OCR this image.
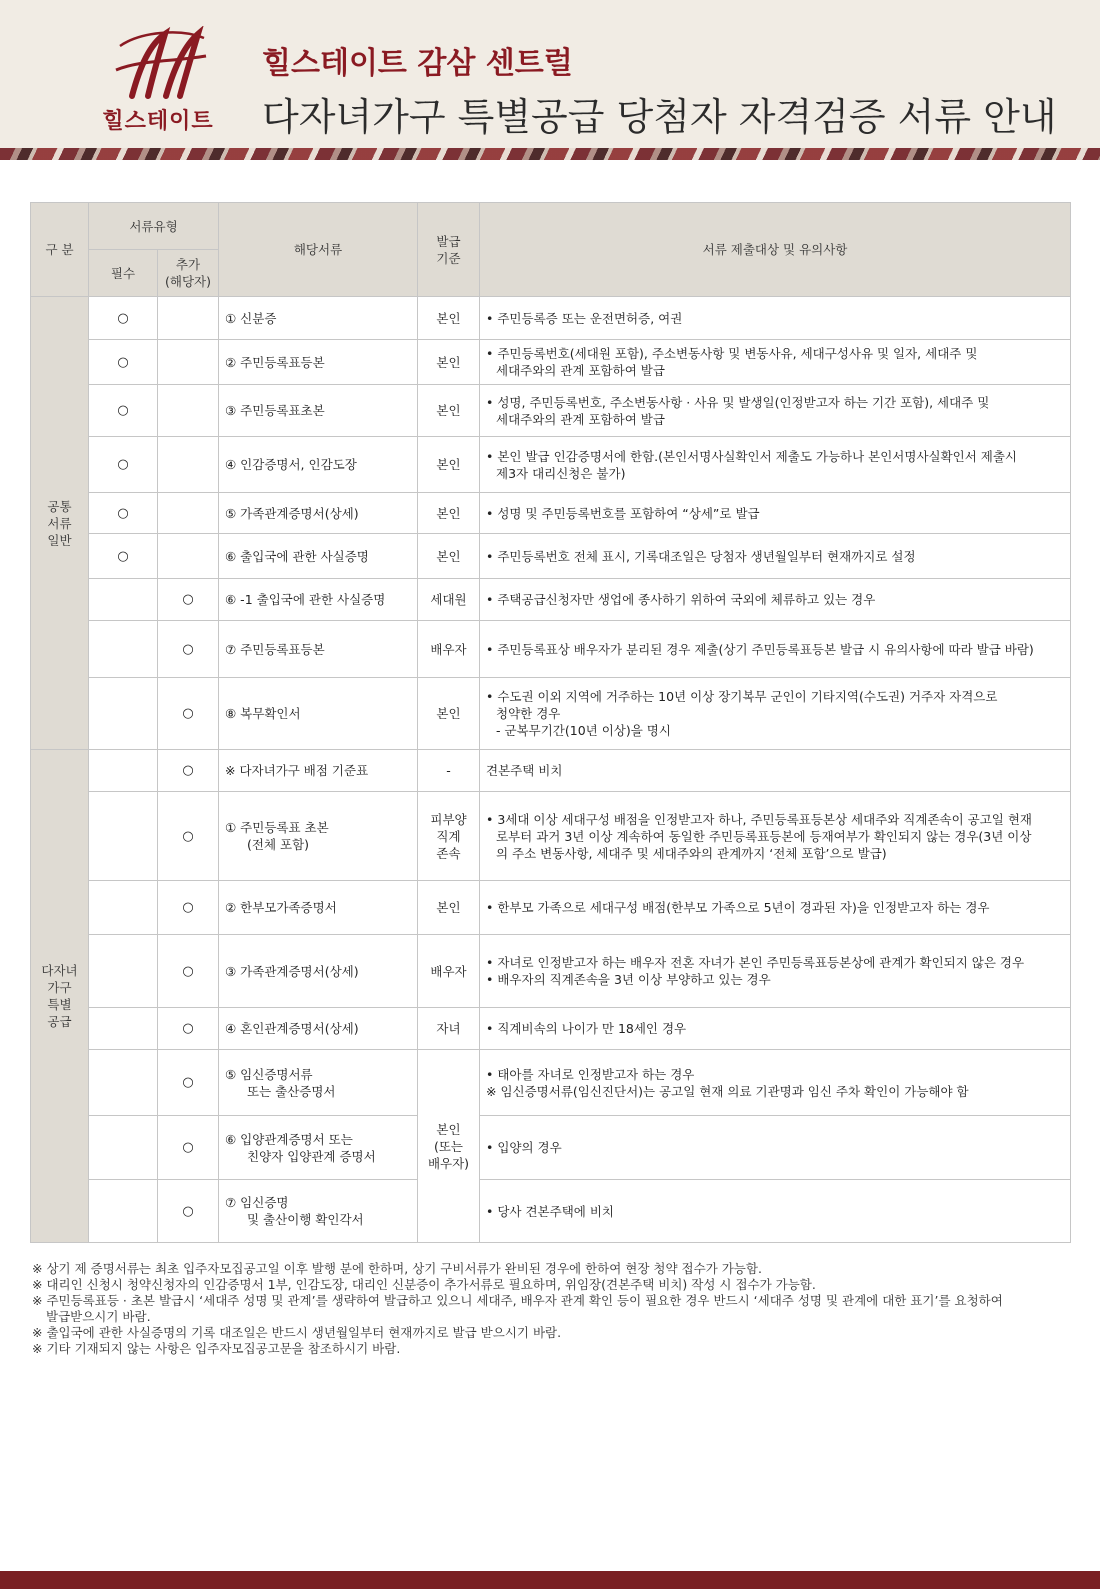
힐스테이트
힐스테이트 감삼 센트럴
다자녀가구 특별공급 당첨자 자격검증 서류 안내
구 분	서류유형		해당서류	발급
기준	서류 제출대상 및 유의사항
	필수	추가
(해당자)			

공통
서류
일반	○		① 신분증	본인	• 주민등록증 또는 운전면허증, 여권

	○		② 주민등록표등본	본인	• 주민등록번호(세대원 포함), 주소변동사항 및 변동사유, 세대구성사유 및 일자, 세대주 및
세대주와의 관계 포함하여 발급

	○		③ 주민등록표초본	본인	• 성명, 주민등록번호, 주소변동사항 · 사유 및 발생일(인정받고자 하는 기간 포함), 세대주 및
세대주와의 관계 포함하여 발급

	○		④ 인감증명서, 인감도장	본인	• 본인 발급 인감증명서에 한함.(본인서명사실확인서 제출도 가능하나 본인서명사실확인서 제출시
제3자 대리신청은 불가)

	○		⑤ 가족관계증명서(상세)	본인	• 성명 및 주민등록번호를 포함하여 “상세”로 발급

	○		⑥ 출입국에 관한 사실증명	본인	• 주민등록번호 전체 표시, 기록대조일은 당첨자 생년월일부터 현재까지로 설정

		○	⑥ -1 출입국에 관한 사실증명	세대원	• 주택공급신청자만 생업에 종사하기 위하여 국외에 체류하고 있는 경우

		○	⑦ 주민등록표등본	배우자	• 주민등록표상 배우자가 분리된 경우 제출(상기 주민등록표등본 발급 시 유의사항에 따라 발급 바람)

		○	⑧ 복무확인서	본인	• 수도권 이외 지역에 거주하는 10년 이상 장기복무 군인이 기타지역(수도권) 거주자 자격으로
청약한 경우
- 군복무기간(10년 이상)을 명시

다자녀
가구
특별
공급		○	※ 다자녀가구 배점 기준표	-	견본주택 비치

		○	① 주민등록표 초본
(전체 포함)	피부양
직계
존속	• 3세대 이상 세대구성 배점을 인정받고자 하나, 주민등록표등본상 세대주와 직계존속이 공고일 현재
로부터 과거 3년 이상 계속하여 동일한 주민등록표등본에 등재여부가 확인되지 않는 경우(3년 이상
의 주소 변동사항, 세대주 및 세대주와의 관계까지 ‘전체 포함’으로 발급)

		○	② 한부모가족증명서	본인	• 한부모 가족으로 세대구성 배점(한부모 가족으로 5년이 경과된 자)을 인정받고자 하는 경우

		○	③ 가족관계증명서(상세)	배우자	• 자녀로 인정받고자 하는 배우자 전혼 자녀가 본인 주민등록표등본상에 관계가 확인되지 않은 경우
• 배우자의 직계존속을 3년 이상 부양하고 있는 경우

		○	④ 혼인관계증명서(상세)	자녀	• 직계비속의 나이가 만 18세인 경우

		○	⑤ 임신증명서류
또는 출산증명서	본인
(또는
배우자)	• 태아를 자녀로 인정받고자 하는 경우
※ 임신증명서류(임신진단서)는 공고일 현재 의료 기관명과 임신 주차 확인이 가능해야 함

		○	⑥ 입양관계증명서 또는
친양자 입양관계 증명서		• 입양의 경우

		○	⑦ 임신증명
및 출산이행 확인각서		• 당사 견본주택에 비치
※ 상기 제 증명서류는 최초 입주자모집공고일 이후 발행 분에 한하며, 상기 구비서류가 완비된 경우에 한하여 현장 청약 접수가 가능함.
※ 대리인 신청시 청약신청자의 인감증명서 1부, 인감도장, 대리인 신분증이 추가서류로 필요하며, 위임장(견본주택 비치) 작성 시 접수가 가능함.
※ 주민등록표등 · 초본 발급시 ‘세대주 성명 및 관계’를 생략하여 발급하고 있으니 세대주, 배우자 관계 확인 등이 필요한 경우 반드시 ‘세대주 성명 및 관계에 대한 표기’를 요청하여
발급받으시기 바람.
※ 출입국에 관한 사실증명의 기록 대조일은 반드시 생년월일부터 현재까지로 발급 받으시기 바람.
※ 기타 기재되지 않는 사항은 입주자모집공고문을 참조하시기 바람.
